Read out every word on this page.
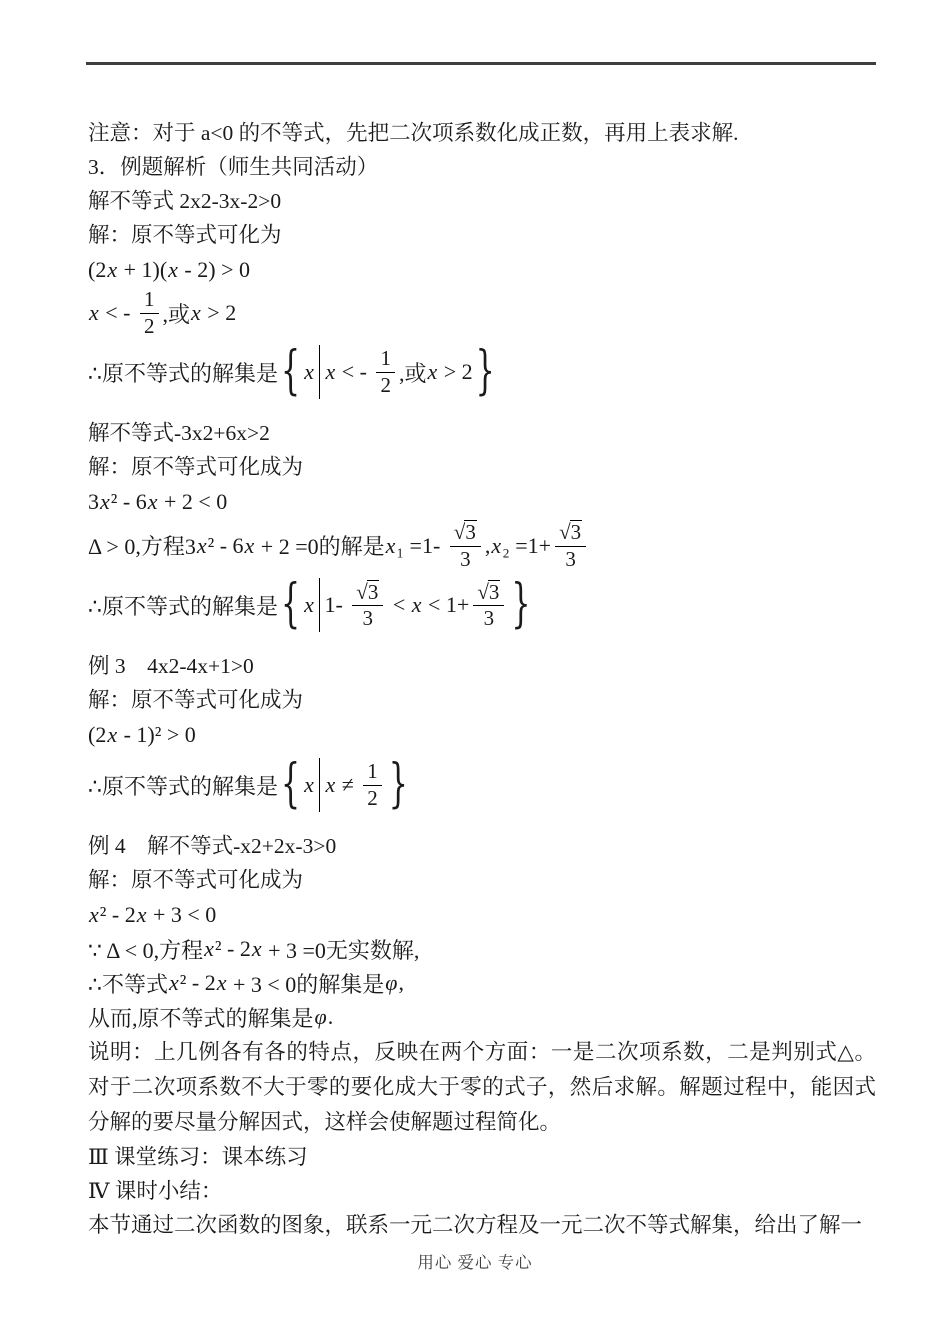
注意：对于 a<0 的不等式，先把二次项系数化成正数，再用上表求解.
3．例题解析（师生共同活动）
解不等式 2x2-3x-2>0
解：原不等式可化为
(2 x + 1)( x - 2) > 0
x < - $\frac{1}{2}$ ,或 x > 2
∴原不等式的解集是 { x x < - $\frac{1}{2}$ ,或 x > 2 }
解不等式-3x2+6x>2
解：原不等式可化成为
3 x ² - 6 x + 2 < 0
Δ > 0,方程3 x ² - 6 x + 2 =0的解是 x $_1 =1- \frac{√ 3}{3}$ , x $_2 =1+ \frac{√ 3}{3}$
∴原不等式的解集是 { x $1- \frac{√ 3}{3} < x < 1+ \frac{√ 3}{3}$ }
例 3　4x2-4x+1>0
解：原不等式可化成为
(2 x - 1)² > 0
∴原不等式的解集是 { x $x \ne \frac{1}{2}$ }
例 4　解不等式-x2+2x-3>0
解：原不等式可化成为
x ² - 2 x + 3 < 0
∵ Δ < 0,方程 x ² - 2 x + 3 =0无实数解,
∴不等式 x ² - 2 x + 3 < 0的解集是 φ ,
从而,原不等式的解集是 φ .
说明：上几例各有各的特点，反映在两个方面：一是二次项系数，二是判别式△。对于二次项系数不大于零的要化成大于零的式子，然后求解。解题过程中，能因式分解的要尽量分解因式，这样会使解题过程简化。
Ⅲ 课堂练习：课本练习
Ⅳ 课时小结：
本节通过二次函数的图象，联系一元二次方程及一元二次不等式解集，给出了解一
用心 爱心 专心
